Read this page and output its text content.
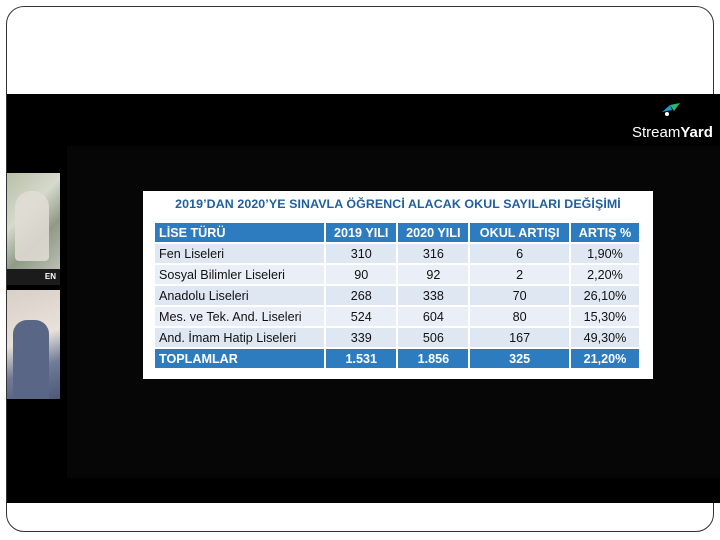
StreamYard
EN
2019’DAN 2020’YE SINAVLA ÖĞRENCİ ALACAK OKUL SAYILARI DEĞİŞİMİ
LİSE TÜRÜ	2019 YILI	2020 YILI	OKUL ARTIŞI	ARTIŞ %
Fen Liseleri	310	316	6	1,90%
Sosyal Bilimler Liseleri	90	92	2	2,20%
Anadolu Liseleri	268	338	70	26,10%
Mes. ve Tek. And. Liseleri	524	604	80	15,30%
And. İmam Hatip Liseleri	339	506	167	49,30%
TOPLAMLAR	1.531	1.856	325	21,20%
